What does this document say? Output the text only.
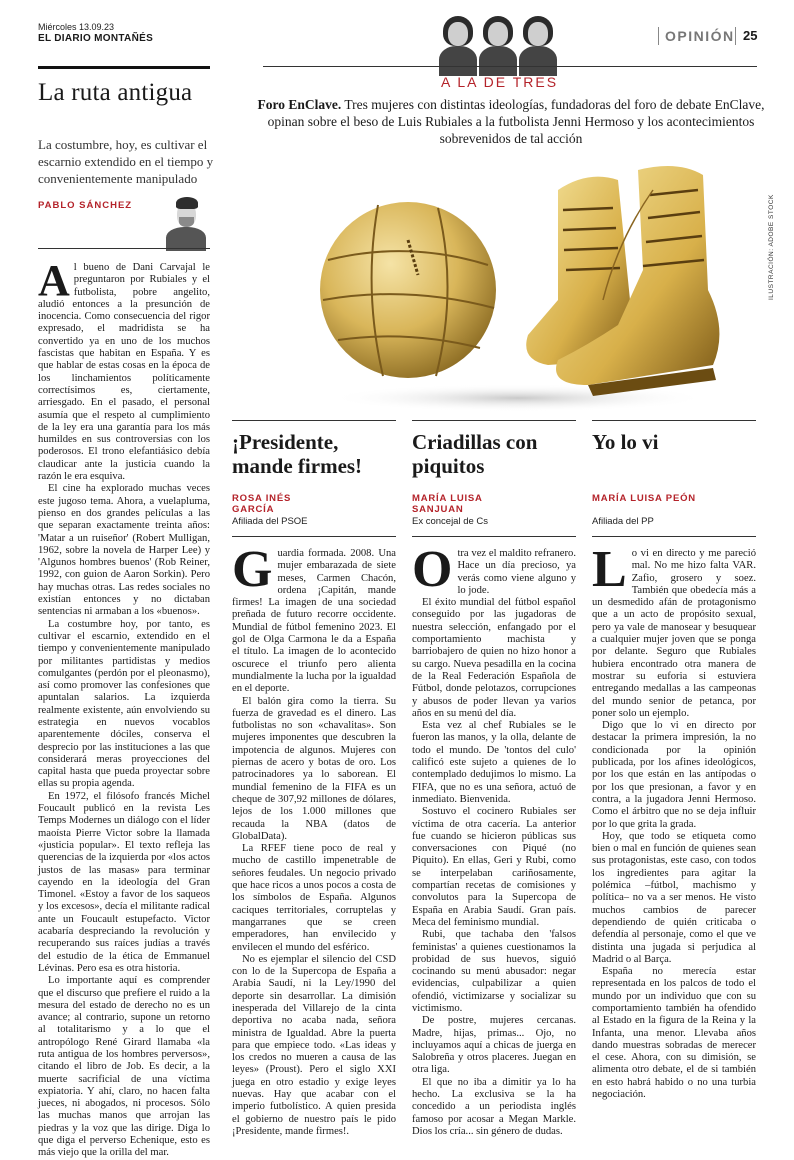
Miércoles 13.09.23
EL DIARIO MONTAÑÉS	OPINIÓN 25
A LA DE TRES
Foro EnClave. Tres mujeres con distintas ideologías, fundadoras del foro de debate EnClave, opinan sobre el beso de Luis Rubiales a la futbolista Jenni Hermoso y los acontecimientos sobrevenidos de tal acción
La ruta antigua
La costumbre, hoy, es cultivar el escarnio extendido en el tiempo y convenientemente manipulado
PABLO SÁNCHEZ

Al bueno de Dani Carvajal le preguntaron por Rubiales y el futbolista, pobre angelito, aludió entonces a la presunción de inocencia. Como consecuencia del rigor expresado, el madridista se ha convertido ya en uno de los muchos fascistas que habitan en España. Y es que hablar de estas cosas en la época de los linchamientos políticamente correctísimos es, ciertamente, arriesgado. En el pasado, el personal asumía que el respeto al cumplimiento de la ley era una garantía para los más humildes en sus controversias con los poderosos. El trono elefantiásico debía claudicar ante la justicia cuando la razón le era esquiva.

El cine ha explorado muchas veces este jugoso tema. Ahora, a vuelapluma, pienso en dos grandes películas a las que separan exactamente treinta años: 'Matar a un ruiseñor' (Robert Mulligan, 1962, sobre la novela de Harper Lee) y 'Algunos hombres buenos' (Rob Reiner, 1992, con guion de Aaron Sorkin). Pero hay muchas otras. Las redes sociales no existían entonces y no dictaban sentencias ni armaban a los «buenos».

La costumbre hoy, por tanto, es cultivar el escarnio, extendido en el tiempo y convenientemente manipulado por militantes partidistas y medios comulgantes (perdón por el pleonasmo), así como promover las confesiones que apuntalan salarios. La izquierda realmente existente, aún envolviendo su estrategia en nuevos vocablos aparentemente dóciles, conserva el desprecio por las instituciones a las que considerará meras proyecciones del capital hasta que pueda proyectar sobre ellas su propia agenda.

En 1972, el filósofo francés Michel Foucault publicó en la revista Les Temps Modernes un diálogo con el líder maoísta Pierre Victor sobre la llamada «justicia popular». El texto refleja las querencias de la izquierda por «los actos justos de las masas» para terminar cayendo en la ideología del Gran Timonel. «Estoy a favor de los saqueos y los excesos», decía el militante radical ante un Foucault estupefacto. Victor acabaría despreciando la revolución y recuperando sus raíces judías a través del estudio de la ética de Emmanuel Lévinas. Pero esa es otra historia.

Lo importante aquí es comprender que el discurso que prefiere el ruido a la mesura del estado de derecho no es un avance; al contrario, supone un retorno al totalitarismo y a lo que el antropólogo René Girard llamaba «la ruta antigua de los hombres perversos», citando el libro de Job. Es decir, a la muerte sacrificial de una víctima expiatoria. Y ahí, claro, no hacen falta jueces, ni abogados, ni procesos. Sólo las muchas manos que arrojan las piedras y la voz que las dirige. Diga lo que diga el perverso Echenique, esto es más viejo que la orilla del mar.

ILUSTRACIÓN: ADOBE STOCK
¡Presidente, mande firmes!
ROSA INÉS GARCÍA
Afiliada del PSOE

Guardia formada. 2008. Una mujer embarazada de siete meses, Carmen Chacón, ordena ¡Capitán, mande firmes! La imagen de una sociedad preñada de futuro recorre occidente. Mundial de fútbol femenino 2023. El gol de Olga Carmona le da a España el título. La imagen de lo acontecido oscurece el triunfo pero alienta mundialmente la lucha por la igualdad en el deporte.

El balón gira como la tierra. Su fuerza de gravedad es el dinero. Las futbolistas no son «chavalitas». Son mujeres imponentes que descubren la impotencia de algunos. Mujeres con piernas de acero y botas de oro. Los patrocinadores ya lo saborean. El mundial femenino de la FIFA es un cheque de 307,92 millones de dólares, lejos de los 1.000 millones que recauda la NBA (datos de GlobalData).

La RFEF tiene poco de real y mucho de castillo impenetrable de señores feudales. Un negocio privado que hace ricos a unos pocos a costa de los símbolos de España. Algunos caciques territoriales, corruptelas y mangarranes que se creen emperadores, han envilecido y envilecen el mundo del esférico.

No es ejemplar el silencio del CSD con lo de la Supercopa de España a Arabia Saudí, ni la Ley/1990 del deporte sin desarrollar. La dimisión inesperada del Villarejo de la cinta deportiva no acaba nada, señora ministra de Igualdad. Abre la puerta para que empiece todo. «Las ideas y los credos no mueren a causa de las leyes» (Proust). Pero el siglo XXI juega en otro estadio y exige leyes nuevas. Hay que acabar con el imperio futbolístico. A quien presida el gobierno de nuestro país le pido ¡Presidente, mande firmes!.

Criadillas con piquitos
MARÍA LUISA SANJUAN
Ex concejal de Cs

Otra vez el maldito refranero. Hace un día precioso, ya verás como viene alguno y lo jode.

El éxito mundial del fútbol español conseguido por las jugadoras de nuestra selección, enfangado por el comportamiento machista y barriobajero de quien no hizo honor a su cargo. Nueva pesadilla en la cocina de la Real Federación Española de Fútbol, donde pelotazos, corrupciones y abusos de poder llevan ya varios años en su menú del día.

Esta vez al chef Rubiales se le fueron las manos, y la olla, delante de todo el mundo. De 'tontos del culo' calificó este sujeto a quienes de lo contemplado dedujimos lo mismo. La FIFA, que no es una señora, actuó de inmediato. Bienvenida.

Sostuvo el cocinero Rubiales ser víctima de otra cacería. La anterior fue cuando se hicieron públicas sus conversaciones con Piqué (no Piquito). En ellas, Geri y Rubi, como se interpelaban cariñosamente, compartían recetas de comisiones y convolutos para la Supercopa de España en Arabia Saudí. Gran país. Meca del feminismo mundial.

Rubi, que tachaba den 'falsos feministas' a quienes cuestionamos la probidad de sus huevos, siguió cocinando su menú abusador: negar evidencias, culpabilizar a quien ofendió, victimizarse y socializar su victimismo.

De postre, mujeres cercanas. Madre, hijas, primas... Ojo, no incluyamos aquí a chicas de juerga en Salobreña y otros placeres. Juegan en otra liga.

El que no iba a dimitir ya lo ha hecho. La exclusiva se la ha concedido a un periodista inglés famoso por acosar a Megan Markle. Dios los cría... sin género de dudas.

Yo lo vi
MARÍA LUISA PEÓN
Afiliada del PP

Lo vi en directo y me pareció mal. No me hizo falta VAR. Zafio, grosero y soez. También que obedecía más a un desmedido afán de protagonismo que a un acto de propósito sexual, pero ya vale de manosear y besuquear a cualquier mujer joven que se ponga por delante. Seguro que Rubiales hubiera encontrado otra manera de mostrar su euforia si estuviera entregando medallas a las campeonas del mundo senior de petanca, por poner solo un ejemplo.

Digo que lo vi en directo por destacar la primera impresión, la no condicionada por la opinión publicada, por los afines ideológicos, por los que están en las antípodas o por los que presionan, a favor y en contra, a la jugadora Jenni Hermoso. Como el árbitro que no se deja influir por lo que grita la grada.

Hoy, que todo se etiqueta como bien o mal en función de quienes sean sus protagonistas, este caso, con todos los ingredientes para agitar la polémica –fútbol, machismo y política– no va a ser menos. He visto muchos cambios de parecer dependiendo de quién criticaba o defendía al personaje, como el que ve distinta una jugada si perjudica al Madrid o al Barça.

España no merecía estar representada en los palcos de todo el mundo por un individuo que con su comportamiento también ha ofendido al Estado en la figura de la Reina y la Infanta, una menor. Llevaba años dando muestras sobradas de merecer el cese. Ahora, con su dimisión, se alimenta otro debate, el de si también en esto habrá habido o no una turbia negociación.
